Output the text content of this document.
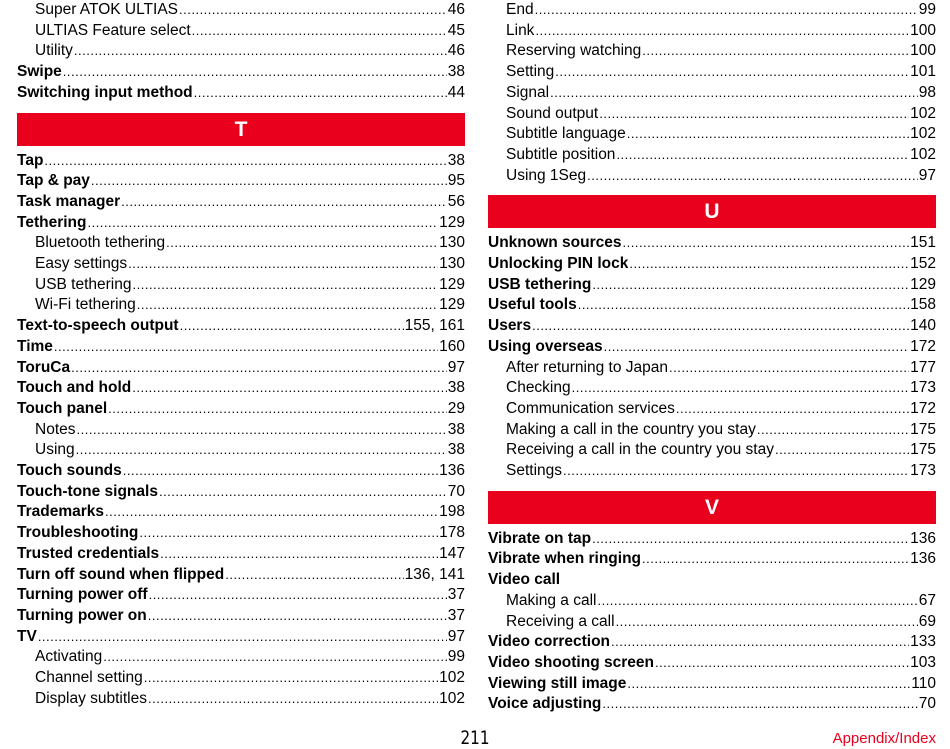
Super ATOK ULTIAS .....	46
ULTIAS Feature select .....	45
Utility .....	46
Swipe .....	38
Switching input method .....	44
T
Tap .....	38
Tap & pay .....	95
Task manager .....	56
Tethering .....	129
Bluetooth tethering .....	130
Easy settings .....	130
USB tethering .....	129
Wi-Fi tethering .....	129
Text-to-speech output .....	155, 161
Time .....	160
ToruCa .....	97
Touch and hold .....	38
Touch panel .....	29
Notes .....	38
Using .....	38
Touch sounds .....	136
Touch-tone signals .....	70
Trademarks .....	198
Troubleshooting .....	178
Trusted credentials .....	147
Turn off sound when flipped .....	136, 141
Turning power off .....	37
Turning power on .....	37
TV .....	97
Activating .....	99
Channel setting .....	102
Display subtitles .....	102
End .....	99
Link .....	100
Reserving watching .....	100
Setting .....	101
Signal .....	98
Sound output .....	102
Subtitle language .....	102
Subtitle position .....	102
Using 1Seg .....	97
U
Unknown sources .....	151
Unlocking PIN lock .....	152
USB tethering .....	129
Useful tools .....	158
Users .....	140
Using overseas .....	172
After returning to Japan .....	177
Checking .....	173
Communication services .....	172
Making a call in the country you stay .....	175
Receiving a call in the country you stay .....	175
Settings .....	173
V
Vibrate on tap .....	136
Vibrate when ringing .....	136
Video call
Making a call .....	67
Receiving a call .....	69
Video correction .....	133
Video shooting screen .....	103
Viewing still image .....	110
Voice adjusting .....	70
211	Appendix/Index
